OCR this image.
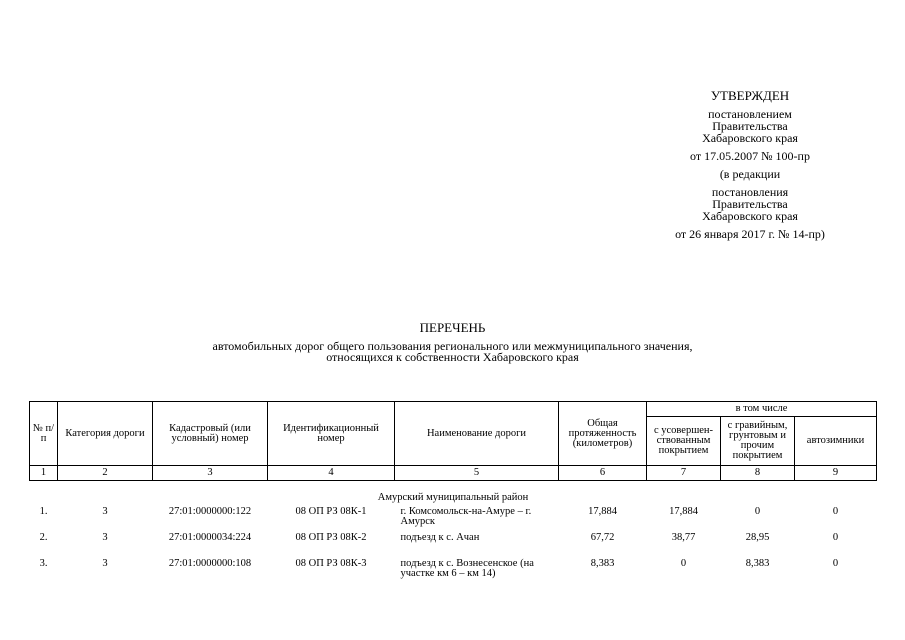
УТВЕРЖДЕН
постановлением
Правительства
Хабаровского края
от 17.05.2007 № 100-пр
(в редакции
постановления
Правительства
Хабаровского края
от 26 января 2017 г. № 14-пр)
ПЕРЕЧЕНЬ
автомобильных дорог общего пользования регионального или межмуниципального значения,
относящихся к собственности Хабаровского края
№ п/п	Категория дороги	Кадастровый (или условный) номер	Идентификационный номер	Наименование дороги	Общая протяженность (километров)	в том числе		
						с усовершен-ствованным покрытием	с гравийным, грунтовым и прочим покрытием	автозимники
1	2	3	4	5	6	7	8	9
Амурский муниципальный район								
1.	3	27:01:0000000:122	08 ОП РЗ 08К-1	г. Комсомольск-на-Амуре – г. Амурск	17,884	17,884	0	0
2.	3	27:01:0000034:224	08 ОП РЗ 08К-2	подъезд к с. Ачан	67,72	38,77	28,95	0
3.	3	27:01:0000000:108	08 ОП РЗ 08К-3	подъезд к с. Вознесенское (на участке км 6 – км 14)	8,383	0	8,383	0
